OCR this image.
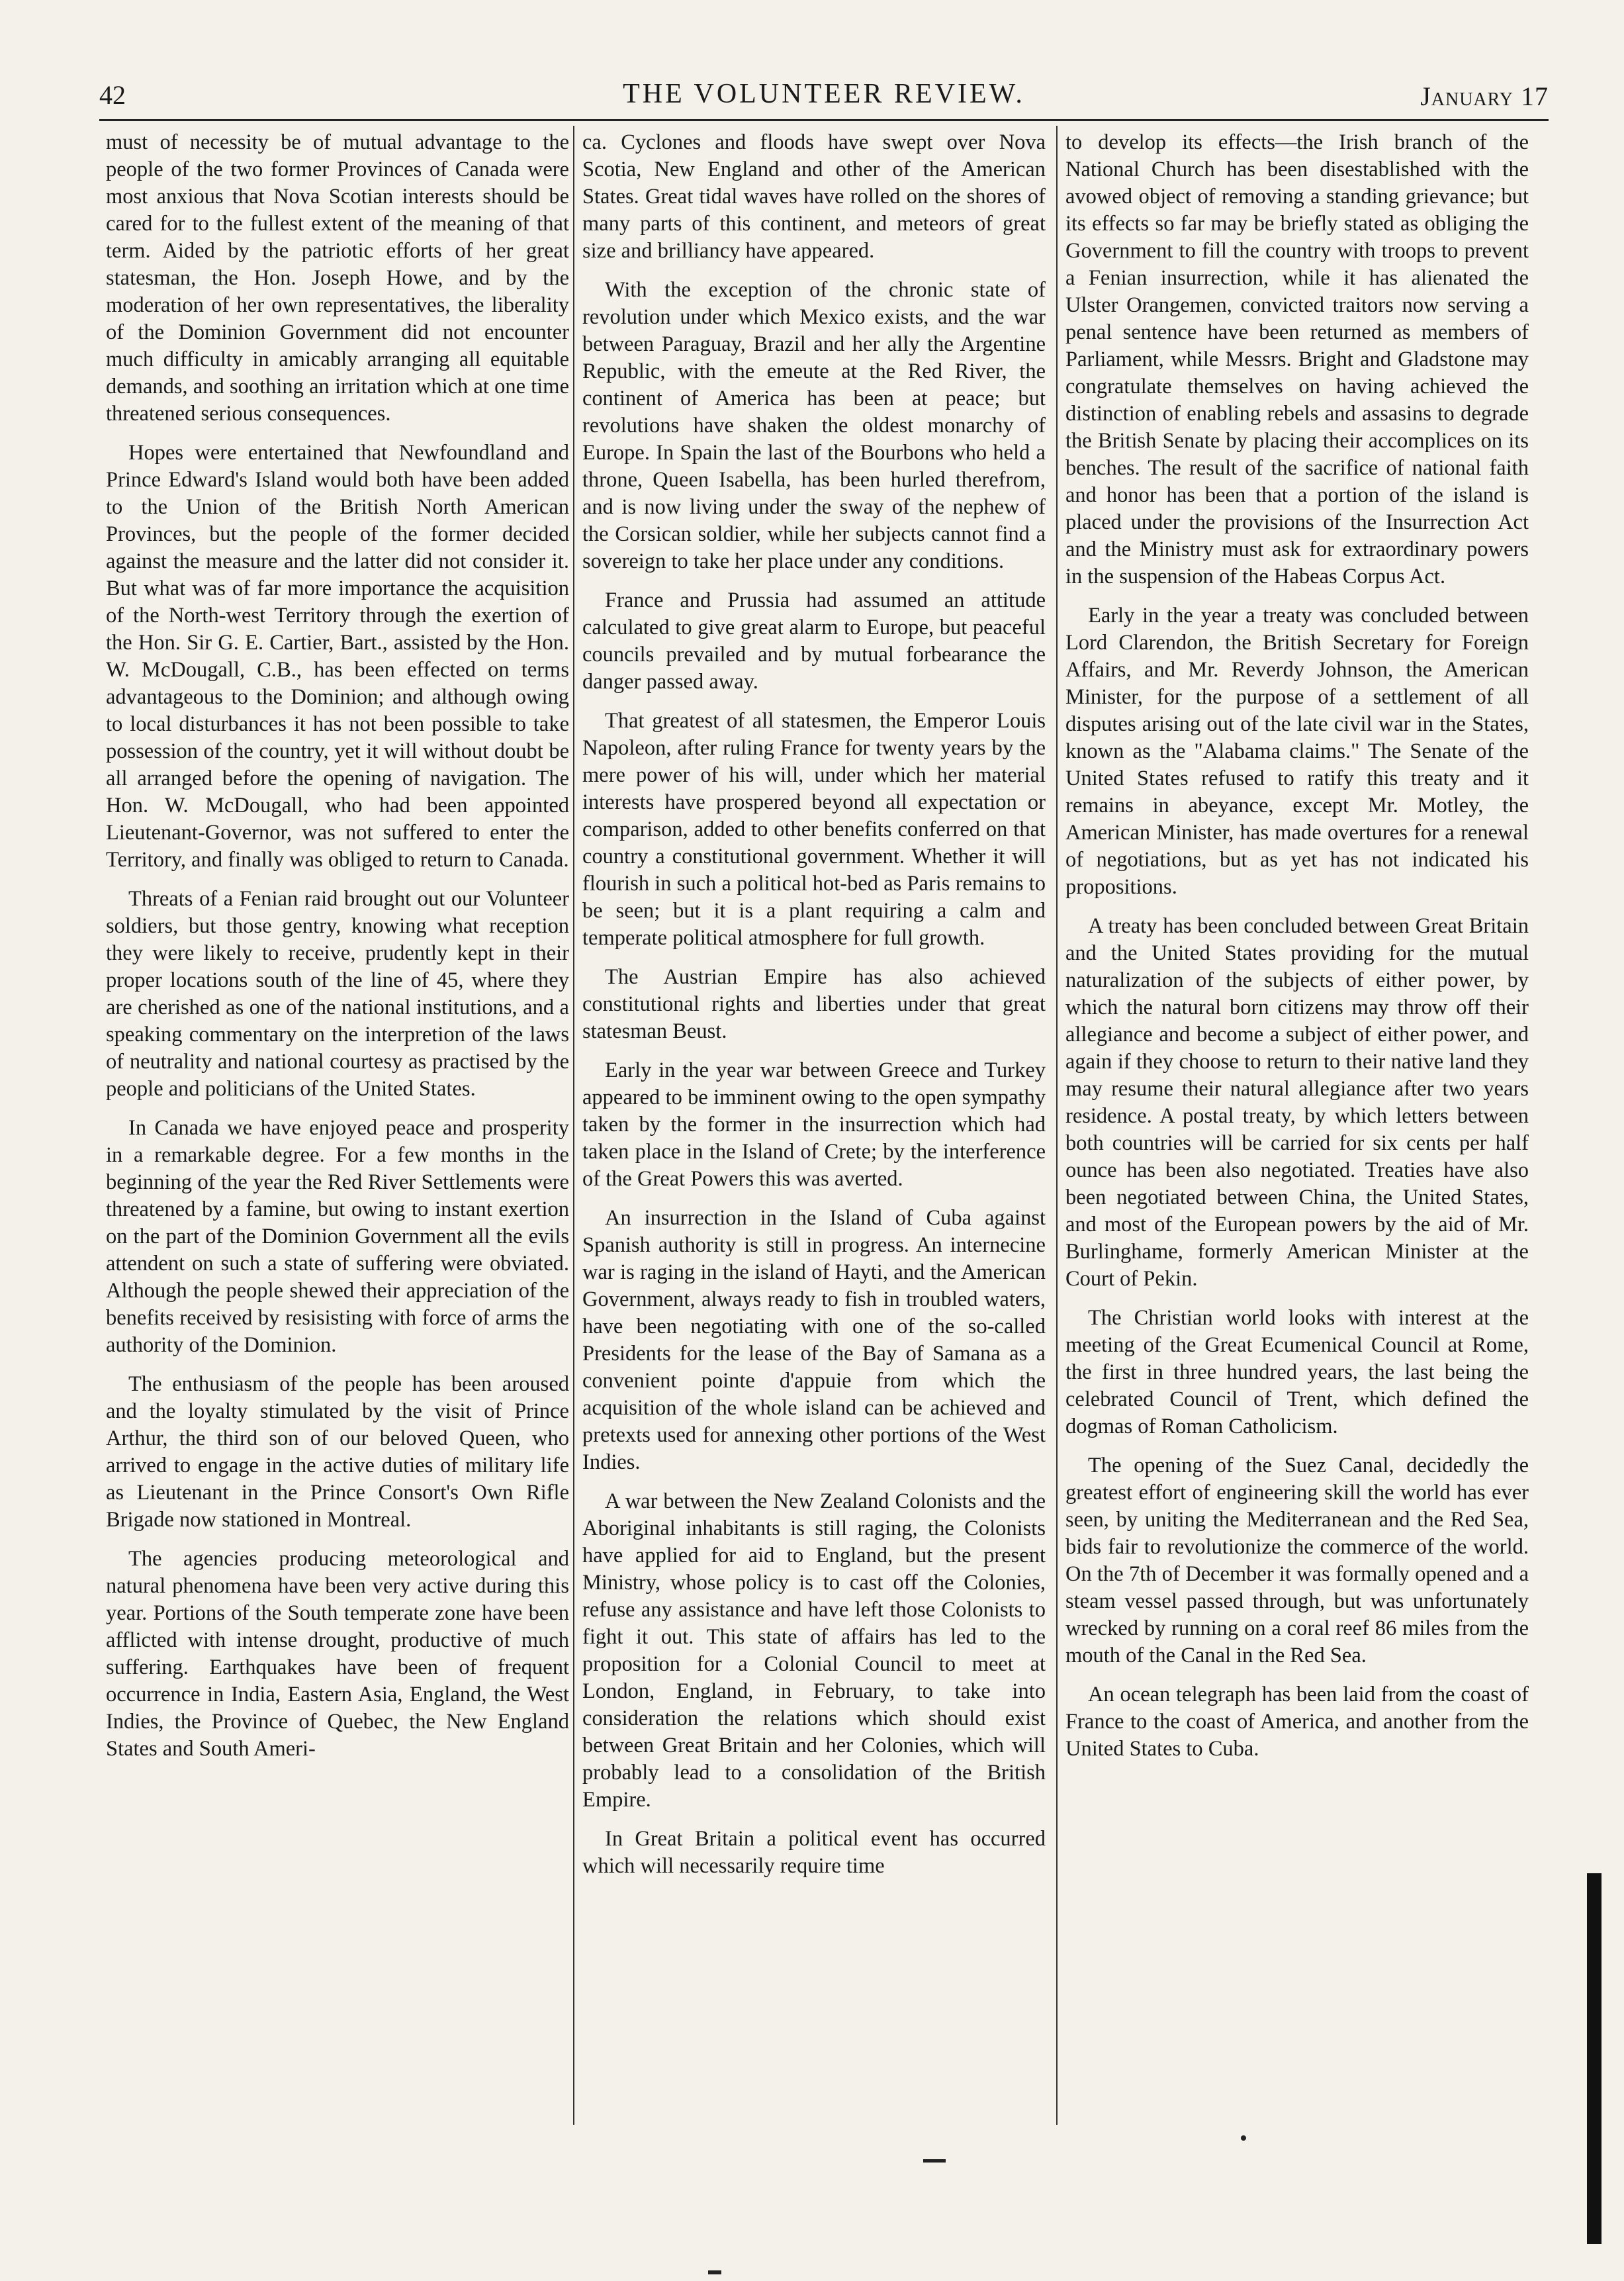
42	THE VOLUNTEER REVIEW.	January 17

must of necessity be of mutual advantage to the people of the two former Provinces of Canada were most anxious that Nova Scotian interests should be cared for to the fullest extent of the meaning of that term. Aided by the patriotic efforts of her great statesman, the Hon. Joseph Howe, and by the moderation of her own representatives, the liberality of the Dominion Government did not encounter much difficulty in amicably arranging all equitable demands, and soothing an irritation which at one time threatened serious consequences.

Hopes were entertained that Newfoundland and Prince Edward's Island would both have been added to the Union of the British North American Provinces, but the people of the former decided against the measure and the latter did not consider it. But what was of far more importance the acquisition of the North-west Territory through the exertion of the Hon. Sir G. E. Cartier, Bart., assisted by the Hon. W. McDougall, C.B., has been effected on terms advantageous to the Dominion; and although owing to local disturbances it has not been possible to take possession of the country, yet it will without doubt be all arranged before the opening of navigation. The Hon. W. McDougall, who had been appointed Lieutenant-Governor, was not suffered to enter the Territory, and finally was obliged to return to Canada.

Threats of a Fenian raid brought out our Volunteer soldiers, but those gentry, knowing what reception they were likely to receive, prudently kept in their proper locations south of the line of 45, where they are cherished as one of the national institutions, and a speaking commentary on the interpretion of the laws of neutrality and national courtesy as practised by the people and politicians of the United States.

In Canada we have enjoyed peace and prosperity in a remarkable degree. For a few months in the beginning of the year the Red River Settlements were threatened by a famine, but owing to instant exertion on the part of the Dominion Government all the evils attendent on such a state of suffering were obviated. Although the people shewed their appreciation of the benefits received by resisisting with force of arms the authority of the Dominion.

The enthusiasm of the people has been aroused and the loyalty stimulated by the visit of Prince Arthur, the third son of our beloved Queen, who arrived to engage in the active duties of military life as Lieutenant in the Prince Consort's Own Rifle Brigade now stationed in Montreal.

The agencies producing meteorological and natural phenomena have been very active during this year. Portions of the South temperate zone have been afflicted with intense drought, productive of much suffering. Earthquakes have been of frequent occurrence in India, Eastern Asia, England, the West Indies, the Province of Quebec, the New England States and South Ameri-

ca. Cyclones and floods have swept over Nova Scotia, New England and other of the American States. Great tidal waves have rolled on the shores of many parts of this continent, and meteors of great size and brilliancy have appeared.

With the exception of the chronic state of revolution under which Mexico exists, and the war between Paraguay, Brazil and her ally the Argentine Republic, with the emeute at the Red River, the continent of America has been at peace; but revolutions have shaken the oldest monarchy of Europe. In Spain the last of the Bourbons who held a throne, Queen Isabella, has been hurled therefrom, and is now living under the sway of the nephew of the Corsican soldier, while her subjects cannot find a sovereign to take her place under any conditions.

France and Prussia had assumed an attitude calculated to give great alarm to Europe, but peaceful councils prevailed and by mutual forbearance the danger passed away.

That greatest of all statesmen, the Emperor Louis Napoleon, after ruling France for twenty years by the mere power of his will, under which her material interests have prospered beyond all expectation or comparison, added to other benefits conferred on that country a constitutional government. Whether it will flourish in such a political hot-bed as Paris remains to be seen; but it is a plant requiring a calm and temperate political atmosphere for full growth.

The Austrian Empire has also achieved constitutional rights and liberties under that great statesman Beust.

Early in the year war between Greece and Turkey appeared to be imminent owing to the open sympathy taken by the former in the insurrection which had taken place in the Island of Crete; by the interference of the Great Powers this was averted.

An insurrection in the Island of Cuba against Spanish authority is still in progress. An internecine war is raging in the island of Hayti, and the American Government, always ready to fish in troubled waters, have been negotiating with one of the so-called Presidents for the lease of the Bay of Samana as a convenient pointe d'appuie from which the acquisition of the whole island can be achieved and pretexts used for annexing other portions of the West Indies.

A war between the New Zealand Colonists and the Aboriginal inhabitants is still raging, the Colonists have applied for aid to England, but the present Ministry, whose policy is to cast off the Colonies, refuse any assistance and have left those Colonists to fight it out. This state of affairs has led to the proposition for a Colonial Council to meet at London, England, in February, to take into consideration the relations which should exist between Great Britain and her Colonies, which will probably lead to a consolidation of the British Empire.

In Great Britain a political event has occurred which will necessarily require time

to develop its effects—the Irish branch of the National Church has been disestablished with the avowed object of removing a standing grievance; but its effects so far may be briefly stated as obliging the Government to fill the country with troops to prevent a Fenian insurrection, while it has alienated the Ulster Orangemen, convicted traitors now serving a penal sentence have been returned as members of Parliament, while Messrs. Bright and Gladstone may congratulate themselves on having achieved the distinction of enabling rebels and assasins to degrade the British Senate by placing their accomplices on its benches. The result of the sacrifice of national faith and honor has been that a portion of the island is placed under the provisions of the Insurrection Act and the Ministry must ask for extraordinary powers in the suspension of the Habeas Corpus Act.

Early in the year a treaty was concluded between Lord Clarendon, the British Secretary for Foreign Affairs, and Mr. Reverdy Johnson, the American Minister, for the purpose of a settlement of all disputes arising out of the late civil war in the States, known as the "Alabama claims." The Senate of the United States refused to ratify this treaty and it remains in abeyance, except Mr. Motley, the American Minister, has made overtures for a renewal of negotiations, but as yet has not indicated his propositions.

A treaty has been concluded between Great Britain and the United States providing for the mutual naturalization of the subjects of either power, by which the natural born citizens may throw off their allegiance and become a subject of either power, and again if they choose to return to their native land they may resume their natural allegiance after two years residence. A postal treaty, by which letters between both countries will be carried for six cents per half ounce has been also negotiated. Treaties have also been negotiated between China, the United States, and most of the European powers by the aid of Mr. Burlinghame, formerly American Minister at the Court of Pekin.

The Christian world looks with interest at the meeting of the Great Ecumenical Council at Rome, the first in three hundred years, the last being the celebrated Council of Trent, which defined the dogmas of Roman Catholicism.

The opening of the Suez Canal, decidedly the greatest effort of engineering skill the world has ever seen, by uniting the Mediterranean and the Red Sea, bids fair to revolutionize the commerce of the world. On the 7th of December it was formally opened and a steam vessel passed through, but was unfortunately wrecked by running on a coral reef 86 miles from the mouth of the Canal in the Red Sea.

An ocean telegraph has been laid from the coast of France to the coast of America, and another from the United States to Cuba.
